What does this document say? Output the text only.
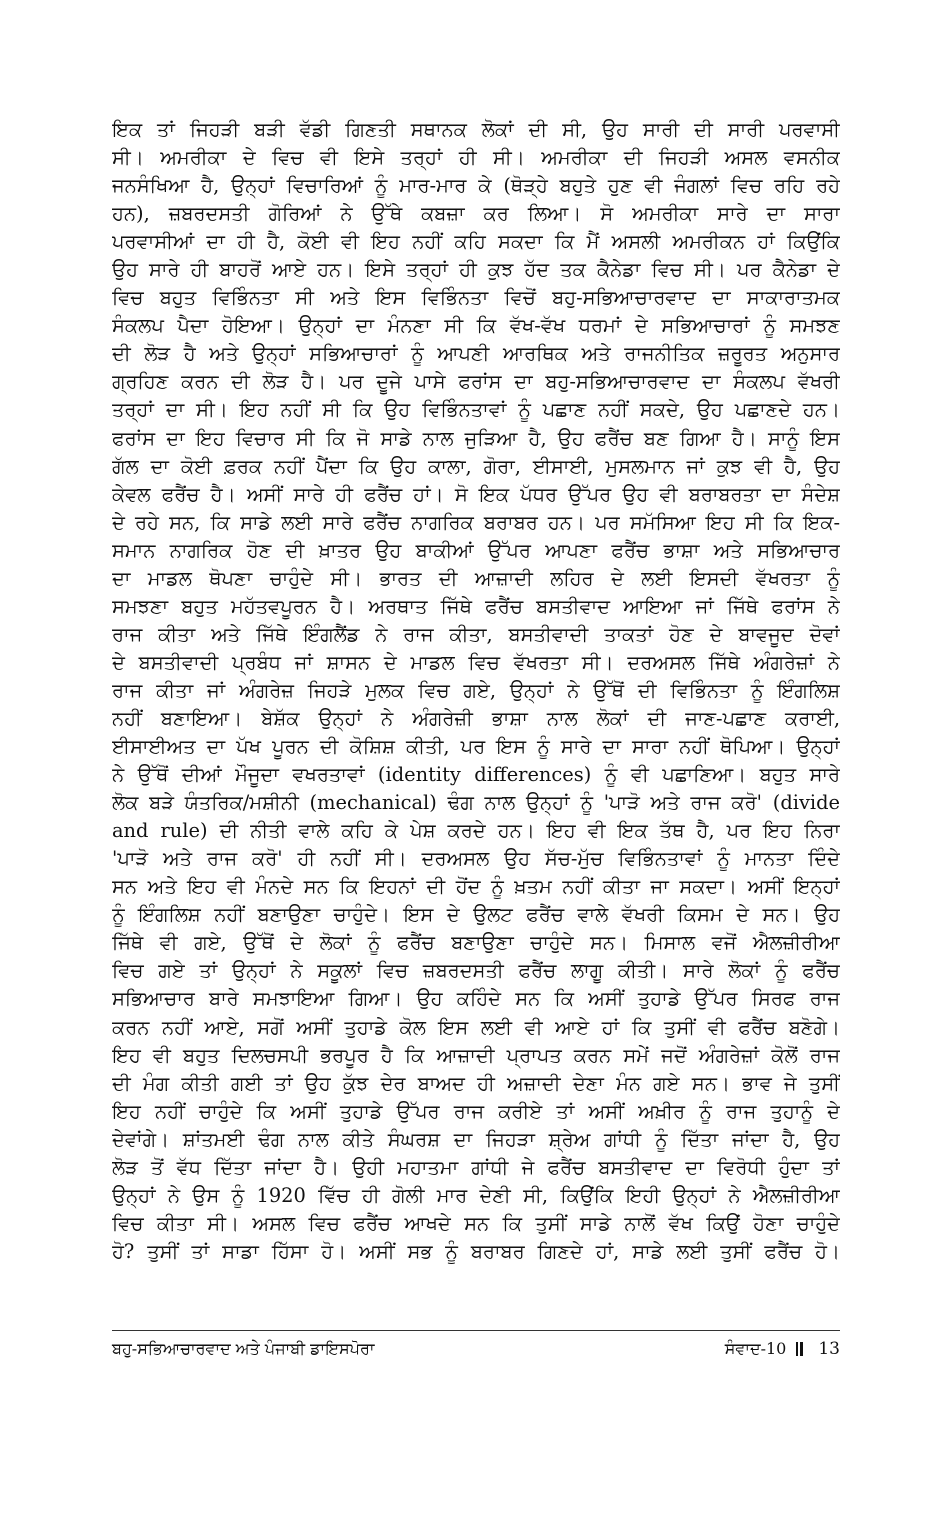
ਇਕ ਤਾਂ ਜਿਹੜੀ ਬੜੀ ਵੱਡੀ ਗਿਣਤੀ ਸਥਾਨਕ ਲੋਕਾਂ ਦੀ ਸੀ, ਉਹ ਸਾਰੀ ਦੀ ਸਾਰੀ ਪਰਵਾਸੀ
ਸੀ। ਅਮਰੀਕਾ ਦੇ ਵਿਚ ਵੀ ਇਸੇ ਤਰ੍ਹਾਂ ਹੀ ਸੀ। ਅਮਰੀਕਾ ਦੀ ਜਿਹੜੀ ਅਸਲ ਵਸਨੀਕ
ਜਨਸੰਖਿਆ ਹੈ, ਉਨ੍ਹਾਂ ਵਿਚਾਰਿਆਂ ਨੂੰ ਮਾਰ-ਮਾਰ ਕੇ (ਥੋੜ੍ਹੇ ਬਹੁਤੇ ਹੁਣ ਵੀ ਜੰਗਲਾਂ ਵਿਚ ਰਹਿ ਰਹੇ
ਹਨ), ਜ਼ਬਰਦਸਤੀ ਗੋਰਿਆਂ ਨੇ ਉੱਥੇ ਕਬਜ਼ਾ ਕਰ ਲਿਆ। ਸੋ ਅਮਰੀਕਾ ਸਾਰੇ ਦਾ ਸਾਰਾ
ਪਰਵਾਸੀਆਂ ਦਾ ਹੀ ਹੈ, ਕੋਈ ਵੀ ਇਹ ਨਹੀਂ ਕਹਿ ਸਕਦਾ ਕਿ ਮੈਂ ਅਸਲੀ ਅਮਰੀਕਨ ਹਾਂ ਕਿਉਂਕਿ
ਉਹ ਸਾਰੇ ਹੀ ਬਾਹਰੋਂ ਆਏ ਹਨ। ਇਸੇ ਤਰ੍ਹਾਂ ਹੀ ਕੁਝ ਹੱਦ ਤਕ ਕੈਨੇਡਾ ਵਿਚ ਸੀ। ਪਰ ਕੈਨੇਡਾ ਦੇ
ਵਿਚ ਬਹੁਤ ਵਿਭਿੰਨਤਾ ਸੀ ਅਤੇ ਇਸ ਵਿਭਿੰਨਤਾ ਵਿਚੋਂ ਬਹੁ-ਸਭਿਆਚਾਰਵਾਦ ਦਾ ਸਾਕਾਰਾਤਮਕ
ਸੰਕਲਪ ਪੈਦਾ ਹੋਇਆ। ਉਨ੍ਹਾਂ ਦਾ ਮੰਨਣਾ ਸੀ ਕਿ ਵੱਖ-ਵੱਖ ਧਰਮਾਂ ਦੇ ਸਭਿਆਚਾਰਾਂ ਨੂੰ ਸਮਝਣ
ਦੀ ਲੋੜ ਹੈ ਅਤੇ ਉਨ੍ਹਾਂ ਸਭਿਆਚਾਰਾਂ ਨੂੰ ਆਪਣੀ ਆਰਥਿਕ ਅਤੇ ਰਾਜਨੀਤਿਕ ਜ਼ਰੂਰਤ ਅਨੁਸਾਰ
ਗ੍ਰਹਿਣ ਕਰਨ ਦੀ ਲੋੜ ਹੈ। ਪਰ ਦੂਜੇ ਪਾਸੇ ਫਰਾਂਸ ਦਾ ਬਹੁ-ਸਭਿਆਚਾਰਵਾਦ ਦਾ ਸੰਕਲਪ ਵੱਖਰੀ
ਤਰ੍ਹਾਂ ਦਾ ਸੀ। ਇਹ ਨਹੀਂ ਸੀ ਕਿ ਉਹ ਵਿਭਿੰਨਤਾਵਾਂ ਨੂੰ ਪਛਾਣ ਨਹੀਂ ਸਕਦੇ, ਉਹ ਪਛਾਣਦੇ ਹਨ।
ਫਰਾਂਸ ਦਾ ਇਹ ਵਿਚਾਰ ਸੀ ਕਿ ਜੋ ਸਾਡੇ ਨਾਲ ਜੁੜਿਆ ਹੈ, ਉਹ ਫਰੈਂਚ ਬਣ ਗਿਆ ਹੈ। ਸਾਨੂੰ ਇਸ
ਗੱਲ ਦਾ ਕੋਈ ਫ਼ਰਕ ਨਹੀਂ ਪੈਂਦਾ ਕਿ ਉਹ ਕਾਲਾ, ਗੋਰਾ, ਈਸਾਈ, ਮੁਸਲਮਾਨ ਜਾਂ ਕੁਝ ਵੀ ਹੈ, ਉਹ
ਕੇਵਲ ਫਰੈਂਚ ਹੈ। ਅਸੀਂ ਸਾਰੇ ਹੀ ਫਰੈਂਚ ਹਾਂ। ਸੋ ਇਕ ਪੱਧਰ ਉੱਪਰ ਉਹ ਵੀ ਬਰਾਬਰਤਾ ਦਾ ਸੰਦੇਸ਼
ਦੇ ਰਹੇ ਸਨ, ਕਿ ਸਾਡੇ ਲਈ ਸਾਰੇ ਫਰੈਂਚ ਨਾਗਰਿਕ ਬਰਾਬਰ ਹਨ। ਪਰ ਸਮੱਸਿਆ ਇਹ ਸੀ ਕਿ ਇਕ-
ਸਮਾਨ ਨਾਗਰਿਕ ਹੋਣ ਦੀ ਖ਼ਾਤਰ ਉਹ ਬਾਕੀਆਂ ਉੱਪਰ ਆਪਣਾ ਫਰੈਂਚ ਭਾਸ਼ਾ ਅਤੇ ਸਭਿਆਚਾਰ
ਦਾ ਮਾਡਲ ਥੋਪਣਾ ਚਾਹੁੰਦੇ ਸੀ। ਭਾਰਤ ਦੀ ਆਜ਼ਾਦੀ ਲਹਿਰ ਦੇ ਲਈ ਇਸਦੀ ਵੱਖਰਤਾ ਨੂੰ
ਸਮਝਣਾ ਬਹੁਤ ਮਹੱਤਵਪੂਰਨ ਹੈ। ਅਰਥਾਤ ਜਿੱਥੇ ਫਰੈਂਚ ਬਸਤੀਵਾਦ ਆਇਆ ਜਾਂ ਜਿੱਥੇ ਫਰਾਂਸ ਨੇ
ਰਾਜ ਕੀਤਾ ਅਤੇ ਜਿੱਥੇ ਇੰਗਲੈਂਡ ਨੇ ਰਾਜ ਕੀਤਾ, ਬਸਤੀਵਾਦੀ ਤਾਕਤਾਂ ਹੋਣ ਦੇ ਬਾਵਜੂਦ ਦੋਵਾਂ
ਦੇ ਬਸਤੀਵਾਦੀ ਪ੍ਰਬੰਧ ਜਾਂ ਸ਼ਾਸਨ ਦੇ ਮਾਡਲ ਵਿਚ ਵੱਖਰਤਾ ਸੀ। ਦਰਅਸਲ ਜਿੱਥੇ ਅੰਗਰੇਜ਼ਾਂ ਨੇ
ਰਾਜ ਕੀਤਾ ਜਾਂ ਅੰਗਰੇਜ਼ ਜਿਹੜੇ ਮੁਲਕ ਵਿਚ ਗਏ, ਉਨ੍ਹਾਂ ਨੇ ਉੱਥੋਂ ਦੀ ਵਿਭਿੰਨਤਾ ਨੂੰ ਇੰਗਲਿਸ਼
ਨਹੀਂ ਬਣਾਇਆ। ਬੇਸ਼ੱਕ ਉਨ੍ਹਾਂ ਨੇ ਅੰਗਰੇਜ਼ੀ ਭਾਸ਼ਾ ਨਾਲ ਲੋਕਾਂ ਦੀ ਜਾਣ-ਪਛਾਣ ਕਰਾਈ,
ਈਸਾਈਅਤ ਦਾ ਪੱਖ ਪੂਰਨ ਦੀ ਕੋਸ਼ਿਸ਼ ਕੀਤੀ, ਪਰ ਇਸ ਨੂੰ ਸਾਰੇ ਦਾ ਸਾਰਾ ਨਹੀਂ ਥੋਪਿਆ। ਉਨ੍ਹਾਂ
ਨੇ ਉੱਥੋਂ ਦੀਆਂ ਮੌਜੂਦਾ ਵਖਰਤਾਵਾਂ (identity differences) ਨੂੰ ਵੀ ਪਛਾਣਿਆ। ਬਹੁਤ ਸਾਰੇ
ਲੋਕ ਬੜੇ ਯੰਤਰਿਕ/ਮਸ਼ੀਨੀ (mechanical) ਢੰਗ ਨਾਲ ਉਨ੍ਹਾਂ ਨੂੰ 'ਪਾੜੋ ਅਤੇ ਰਾਜ ਕਰੋ' (divide
and rule) ਦੀ ਨੀਤੀ ਵਾਲੇ ਕਹਿ ਕੇ ਪੇਸ਼ ਕਰਦੇ ਹਨ। ਇਹ ਵੀ ਇਕ ਤੱਥ ਹੈ, ਪਰ ਇਹ ਨਿਰਾ
'ਪਾੜੋ ਅਤੇ ਰਾਜ ਕਰੋ' ਹੀ ਨਹੀਂ ਸੀ। ਦਰਅਸਲ ਉਹ ਸੱਚ-ਮੁੱਚ ਵਿਭਿੰਨਤਾਵਾਂ ਨੂੰ ਮਾਨਤਾ ਦਿੰਦੇ
ਸਨ ਅਤੇ ਇਹ ਵੀ ਮੰਨਦੇ ਸਨ ਕਿ ਇਹਨਾਂ ਦੀ ਹੋਂਦ ਨੂੰ ਖ਼ਤਮ ਨਹੀਂ ਕੀਤਾ ਜਾ ਸਕਦਾ। ਅਸੀਂ ਇਨ੍ਹਾਂ
ਨੂੰ ਇੰਗਲਿਸ਼ ਨਹੀਂ ਬਣਾਉਣਾ ਚਾਹੁੰਦੇ। ਇਸ ਦੇ ਉਲਟ ਫਰੈਂਚ ਵਾਲੇ ਵੱਖਰੀ ਕਿਸਮ ਦੇ ਸਨ। ਉਹ
ਜਿੱਥੇ ਵੀ ਗਏ, ਉੱਥੋਂ ਦੇ ਲੋਕਾਂ ਨੂੰ ਫਰੈਂਚ ਬਣਾਉਣਾ ਚਾਹੁੰਦੇ ਸਨ। ਮਿਸਾਲ ਵਜੋਂ ਐਲਜ਼ੀਰੀਆ
ਵਿਚ ਗਏ ਤਾਂ ਉਨ੍ਹਾਂ ਨੇ ਸਕੂਲਾਂ ਵਿਚ ਜ਼ਬਰਦਸਤੀ ਫਰੈਂਚ ਲਾਗੂ ਕੀਤੀ। ਸਾਰੇ ਲੋਕਾਂ ਨੂੰ ਫਰੈਂਚ
ਸਭਿਆਚਾਰ ਬਾਰੇ ਸਮਝਾਇਆ ਗਿਆ। ਉਹ ਕਹਿੰਦੇ ਸਨ ਕਿ ਅਸੀਂ ਤੁਹਾਡੇ ਉੱਪਰ ਸਿਰਫ ਰਾਜ
ਕਰਨ ਨਹੀਂ ਆਏ, ਸਗੋਂ ਅਸੀਂ ਤੁਹਾਡੇ ਕੋਲ ਇਸ ਲਈ ਵੀ ਆਏ ਹਾਂ ਕਿ ਤੁਸੀਂ ਵੀ ਫਰੈਂਚ ਬਣੋਗੇ।
ਇਹ ਵੀ ਬਹੁਤ ਦਿਲਚਸਪੀ ਭਰਪੂਰ ਹੈ ਕਿ ਆਜ਼ਾਦੀ ਪ੍ਰਾਪਤ ਕਰਨ ਸਮੇਂ ਜਦੋਂ ਅੰਗਰੇਜ਼ਾਂ ਕੋਲੋਂ ਰਾਜ
ਦੀ ਮੰਗ ਕੀਤੀ ਗਈ ਤਾਂ ਉਹ ਕੁੱਝ ਦੇਰ ਬਾਅਦ ਹੀ ਅਜ਼ਾਦੀ ਦੇਣਾ ਮੰਨ ਗਏ ਸਨ। ਭਾਵ ਜੇ ਤੁਸੀਂ
ਇਹ ਨਹੀਂ ਚਾਹੁੰਦੇ ਕਿ ਅਸੀਂ ਤੁਹਾਡੇ ਉੱਪਰ ਰਾਜ ਕਰੀਏ ਤਾਂ ਅਸੀਂ ਅਖ਼ੀਰ ਨੂੰ ਰਾਜ ਤੁਹਾਨੂੰ ਦੇ
ਦੇਵਾਂਗੇ। ਸ਼ਾਂਤਮਈ ਢੰਗ ਨਾਲ ਕੀਤੇ ਸੰਘਰਸ਼ ਦਾ ਜਿਹੜਾ ਸ਼੍ਰੇਅ ਗਾਂਧੀ ਨੂੰ ਦਿੱਤਾ ਜਾਂਦਾ ਹੈ, ਉਹ
ਲੋੜ ਤੋਂ ਵੱਧ ਦਿੱਤਾ ਜਾਂਦਾ ਹੈ। ਉਹੀ ਮਹਾਤਮਾ ਗਾਂਧੀ ਜੇ ਫਰੈਂਚ ਬਸਤੀਵਾਦ ਦਾ ਵਿਰੋਧੀ ਹੁੰਦਾ ਤਾਂ
ਉਨ੍ਹਾਂ ਨੇ ਉਸ ਨੂੰ 1920 ਵਿੱਚ ਹੀ ਗੋਲੀ ਮਾਰ ਦੇਣੀ ਸੀ, ਕਿਉਂਕਿ ਇਹੀ ਉਨ੍ਹਾਂ ਨੇ ਐਲਜ਼ੀਰੀਆ
ਵਿਚ ਕੀਤਾ ਸੀ। ਅਸਲ ਵਿਚ ਫਰੈਂਚ ਆਖਦੇ ਸਨ ਕਿ ਤੁਸੀਂ ਸਾਡੇ ਨਾਲੋਂ ਵੱਖ ਕਿਉਂ ਹੋਣਾ ਚਾਹੁੰਦੇ
ਹੋ? ਤੁਸੀਂ ਤਾਂ ਸਾਡਾ ਹਿੱਸਾ ਹੋ। ਅਸੀਂ ਸਭ ਨੂੰ ਬਰਾਬਰ ਗਿਣਦੇ ਹਾਂ, ਸਾਡੇ ਲਈ ਤੁਸੀਂ ਫਰੈਂਚ ਹੋ।
ਬਹੁ-ਸਭਿਆਚਾਰਵਾਦ ਅਤੇ ਪੰਜਾਬੀ ਡਾਇਸਪੋਰਾ	ਸੰਵਾਦ-10 13
